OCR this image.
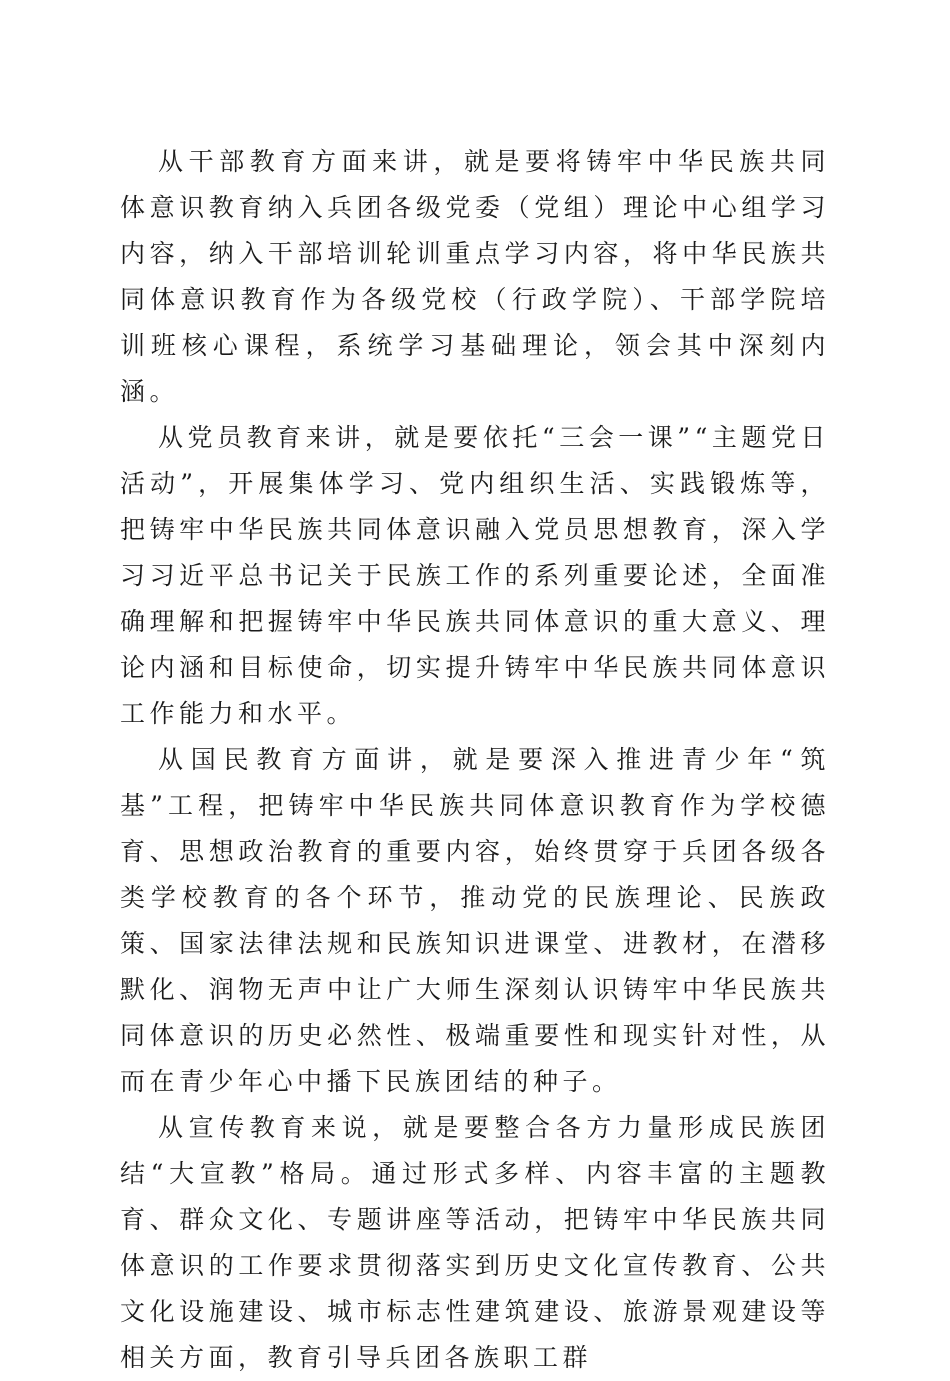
从干部教育方面来讲，就是要将铸牢中华民族共同体意识教育纳入兵团各级党委（党组）理论中心组学习内容，纳入干部培训轮训重点学习内容，将中华民族共同体意识教育作为各级党校（行政学院）、干部学院培训班核心课程，系统学习基础理论，领会其中深刻内涵。

从党员教育来讲，就是要依托“三会一课”“主题党日活动”，开展集体学习、党内组织生活、实践锻炼等，把铸牢中华民族共同体意识融入党员思想教育，深入学习习近平总书记关于民族工作的系列重要论述，全面准确理解和把握铸牢中华民族共同体意识的重大意义、理论内涵和目标使命，切实提升铸牢中华民族共同体意识工作能力和水平。

从国民教育方面讲，就是要深入推进青少年“筑基”工程，把铸牢中华民族共同体意识教育作为学校德育、思想政治教育的重要内容，始终贯穿于兵团各级各类学校教育的各个环节，推动党的民族理论、民族政策、国家法律法规和民族知识进课堂、进教材，在潜移默化、润物无声中让广大师生深刻认识铸牢中华民族共同体意识的历史必然性、极端重要性和现实针对性，从而在青少年心中播下民族团结的种子。

从宣传教育来说，就是要整合各方力量形成民族团结“大宣教”格局。通过形式多样、内容丰富的主题教育、群众文化、专题讲座等活动，把铸牢中华民族共同体意识的工作要求贯彻落实到历史文化宣传教育、公共文化设施建设、城市标志性建筑建设、旅游景观建设等相关方面，教育引导兵团各族职工群
